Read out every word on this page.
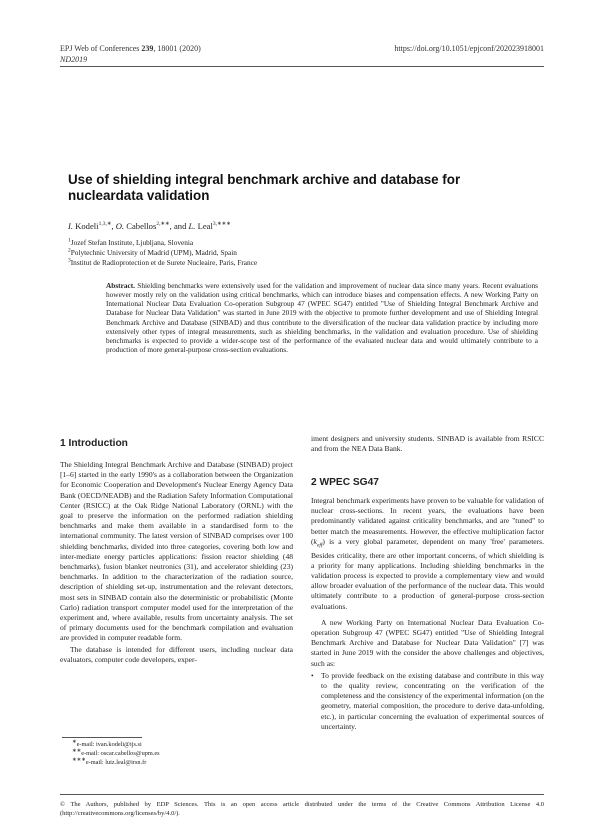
EPJ Web of Conferences 239, 18001 (2020)
ND2019
https://doi.org/10.1051/epjconf/202023918001
Use of shielding integral benchmark archive and database for nucleardata validation
I. Kodeli$^{1,3,∗}$, O. Cabellos$^{2,∗∗}$, and L. Leal$^{3,∗∗∗}$
$^1$Jozef Stefan Institute, Ljubljana, Slovenia
$^2$Polytechnic University of Madrid (UPM), Madrid, Spain
$^3$Institut de Radioprotection et de Surete Nucleaire, Paris, France
Abstract. Shielding benchmarks were extensively used for the validation and improvement of nuclear data since many years. Recent evaluations however mostly rely on the validation using critical benchmarks, which can introduce biases and compensation effects. A new Working Party on International Nuclear Data Evaluation Co-operation Subgroup 47 (WPEC SG47) entitled "Use of Shielding Integral Benchmark Archive and Database for Nuclear Data Validation" was started in June 2019 with the objective to promote further development and use of Shielding Integral Benchmark Archive and Database (SINBAD) and thus contribute to the diversification of the nuclear data validation practice by including more extensively other types of integral measurements, such as shielding benchmarks, in the validation and evaluation procedure. Use of shielding benchmarks is expected to provide a wider-scope test of the performance of the evaluated nuclear data and would ultimately contribute to a production of more general-purpose cross-section evaluations.
1 Introduction

The Shielding Integral Benchmark Archive and Database (SINBAD) project [1–6] started in the early 1990's as a collaboration between the Organization for Economic Cooperation and Development's Nuclear Energy Agency Data Bank (OECD/NEADB) and the Radiation Safety Information Computational Center (RSICC) at the Oak Ridge National Laboratory (ORNL) with the goal to preserve the information on the performed radiation shielding benchmarks and make them available in a standardised form to the international community. The latest version of SINBAD comprises over 100 shielding benchmarks, divided into three categories, covering both low and inter-mediate energy particles applications: fission reactor shielding (48 benchmarks), fusion blanket neutronics (31), and accelerator shielding (23) benchmarks. In addition to the characterization of the radiation source, description of shielding set-up, instrumentation and the relevant detectors, most sets in SINBAD contain also the deterministic or probabilistic (Monte Carlo) radiation transport computer model used for the interpretation of the experiment and, where available, results from uncertainty analysis. The set of primary documents used for the benchmark compilation and evaluation are provided in computer readable form.

The database is intended for different users, including nuclear data evaluators, computer code developers, exper-

iment designers and university students. SINBAD is available from RSICC and from the NEA Data Bank.

2 WPEC SG47

Integral benchmark experiments have proven to be valuable for validation of nuclear cross-sections. In recent years, the evaluations have been predominantly validated against criticality benchmarks, and are "tuned" to better match the measurements. However, the effective multiplication factor $(k_{eff})$ is a very global parameter, dependent on many 'free' parameters. Besides criticality, there are other important concerns, of which shielding is a priority for many applications. Including shielding benchmarks in the validation process is expected to provide a complementary view and would allow broader evaluation of the performance of the nuclear data. This would ultimately contribute to a production of general-purpose cross-section evaluations.

A new Working Party on International Nuclear Data Evaluation Co-operation Subgroup 47 (WPEC SG47) entitled "Use of Shielding Integral Benchmark Archive and Database for Nuclear Data Validation" [7] was started in June 2019 with the consider the above challenges and objectives, such as:

• To provide feedback on the existing database and contribute in this way to the quality review, concentrating on the verification of the completeness and the consistency of the experimental information (on the geometry, material composition, the procedure to derive data-unfolding, etc.), in particular concerning the evaluation of experimental sources of uncertainty.
∗e-mail: ivan.kodeli@ijs.si
∗∗e-mail: oscar.cabellos@upm.es
∗∗∗e-mail: luiz.leal@irsn.fr
© The Authors, published by EDP Sciences. This is an open access article distributed under the terms of the Creative Commons Attribution License 4.0 (http://creativecommons.org/licenses/by/4.0/).
